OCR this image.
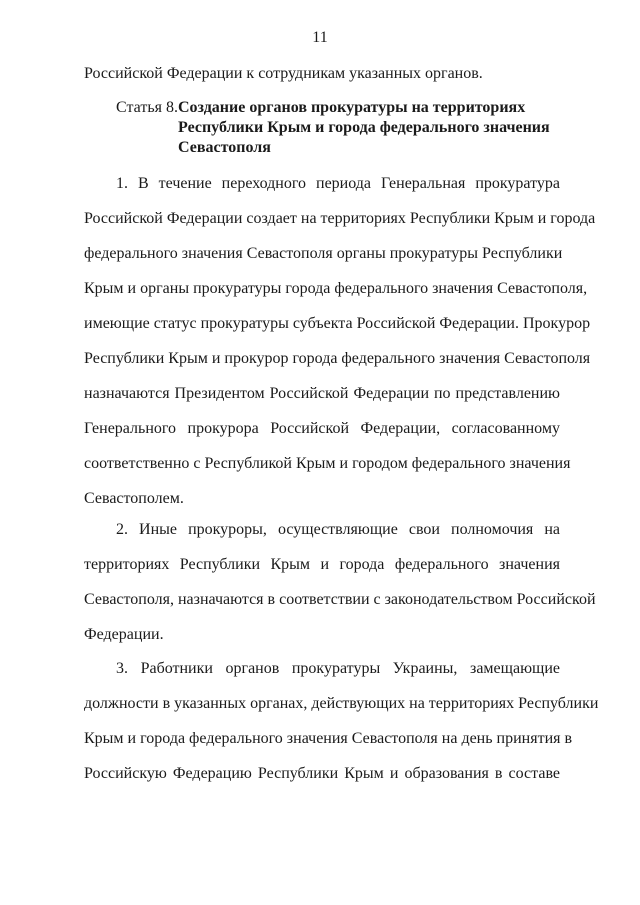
11
Российской Федерации к сотрудникам указанных органов.
Статья 8.Создание органов прокуратуры на территориях
Республики Крым и города федерального значения
Севастополя
1. В течение переходного периода Генеральная прокуратура
Российской Федерации создает на территориях Республики Крым и города
федерального значения Севастополя органы прокуратуры Республики
Крым и органы прокуратуры города федерального значения Севастополя,
имеющие статус прокуратуры субъекта Российской Федерации. Прокурор
Республики Крым и прокурор города федерального значения Севастополя
назначаются Президентом Российской Федерации по представлению
Генерального прокурора Российской Федерации, согласованному
соответственно с Республикой Крым и городом федерального значения
Севастополем.
2. Иные прокуроры, осуществляющие свои полномочия на
территориях Республики Крым и города федерального значения
Севастополя, назначаются в соответствии с законодательством Российской
Федерации.
3. Работники органов прокуратуры Украины, замещающие
должности в указанных органах, действующих на территориях Республики
Крым и города федерального значения Севастополя на день принятия в
Российскую Федерацию Республики Крым и образования в составе
